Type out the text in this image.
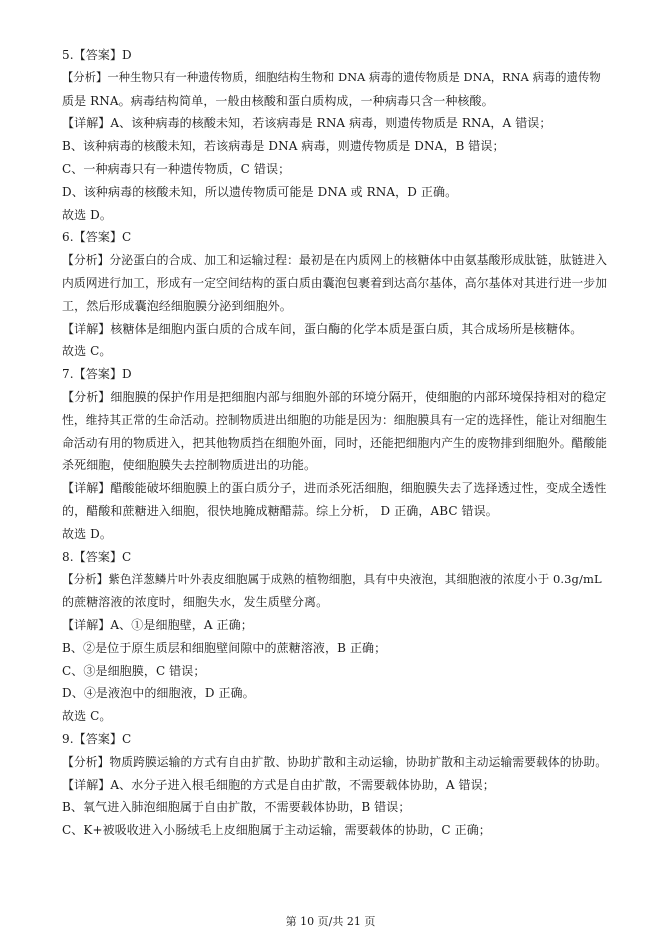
5.【答案】D
【分析】一种生物只有一种遗传物质，细胞结构生物和 DNA 病毒的遗传物质是 DNA，RNA 病毒的遗传物
质是 RNA。病毒结构简单，一般由核酸和蛋白质构成，一种病毒只含一种核酸。
【详解】A、该种病毒的核酸未知，若该病毒是 RNA 病毒，则遗传物质是 RNA，A 错误；
B、该种病毒的核酸未知，若该病毒是 DNA 病毒，则遗传物质是 DNA，B 错误；
C、一种病毒只有一种遗传物质，C 错误；
D、该种病毒的核酸未知，所以遗传物质可能是 DNA 或 RNA，D 正确。
故选 D。
6.【答案】C
【分析】分泌蛋白的合成、加工和运输过程：最初是在内质网上的核糖体中由氨基酸形成肽链，肽链进入
内质网进行加工，形成有一定空间结构的蛋白质由囊泡包裹着到达高尔基体，高尔基体对其进行进一步加
工，然后形成囊泡经细胞膜分泌到细胞外。
【详解】核糖体是细胞内蛋白质的合成车间，蛋白酶的化学本质是蛋白质，其合成场所是核糖体。
故选 C。
7.【答案】D
【分析】细胞膜的保护作用是把细胞内部与细胞外部的环境分隔开，使细胞的内部环境保持相对的稳定
性，维持其正常的生命活动。控制物质进出细胞的功能是因为：细胞膜具有一定的选择性，能让对细胞生
命活动有用的物质进入，把其他物质挡在细胞外面，同时，还能把细胞内产生的废物排到细胞外。醋酸能
杀死细胞，使细胞膜失去控制物质进出的功能。
【详解】醋酸能破坏细胞膜上的蛋白质分子，进而杀死活细胞，细胞膜失去了选择透过性，变成全透性
的，醋酸和蔗糖进入细胞，很快地腌成糖醋蒜。综上分析， D 正确，ABC 错误。
故选 D。
8.【答案】C
【分析】紫色洋葱鳞片叶外表皮细胞属于成熟的植物细胞，具有中央液泡，其细胞液的浓度小于 0.3g/mL
的蔗糖溶液的浓度时，细胞失水，发生质壁分离。
【详解】A、①是细胞壁，A 正确；
B、②是位于原生质层和细胞壁间隙中的蔗糖溶液，B 正确；
C、③是细胞膜，C 错误；
D、④是液泡中的细胞液，D 正确。
故选 C。
9.【答案】C
【分析】物质跨膜运输的方式有自由扩散、协助扩散和主动运输，协助扩散和主动运输需要载体的协助。
【详解】A、水分子进入根毛细胞的方式是自由扩散，不需要载体协助，A 错误；
B、氧气进入肺泡细胞属于自由扩散，不需要载体协助，B 错误；
C、K+被吸收进入小肠绒毛上皮细胞属于主动运输，需要载体的协助，C 正确；
第 10 页/共 21 页
